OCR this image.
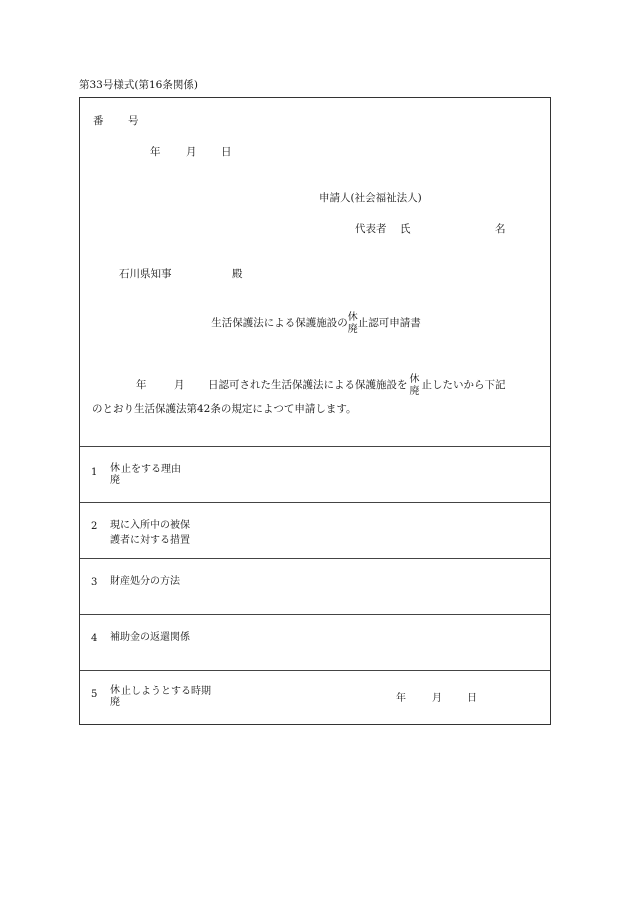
第33号様式(第16条関係)
番 号
年 月 日
申請人(社会福祉法人)
代表者 氏	名
石川県知事	殿
生活保護法による保護施設の 休
廃 止認可申請書
年	月 日認可された生活保護法による保護施設を 休
廃 止したいから下記
のとおり生活保護法第42条の規定によつて申請します。
1 休
廃
止をする理由
2 現に入所中の被保
護者に対する措置
3 財産処分の方法
4 補助金の返還関係
5 休
廃
止しようとする時期
年	月	日
